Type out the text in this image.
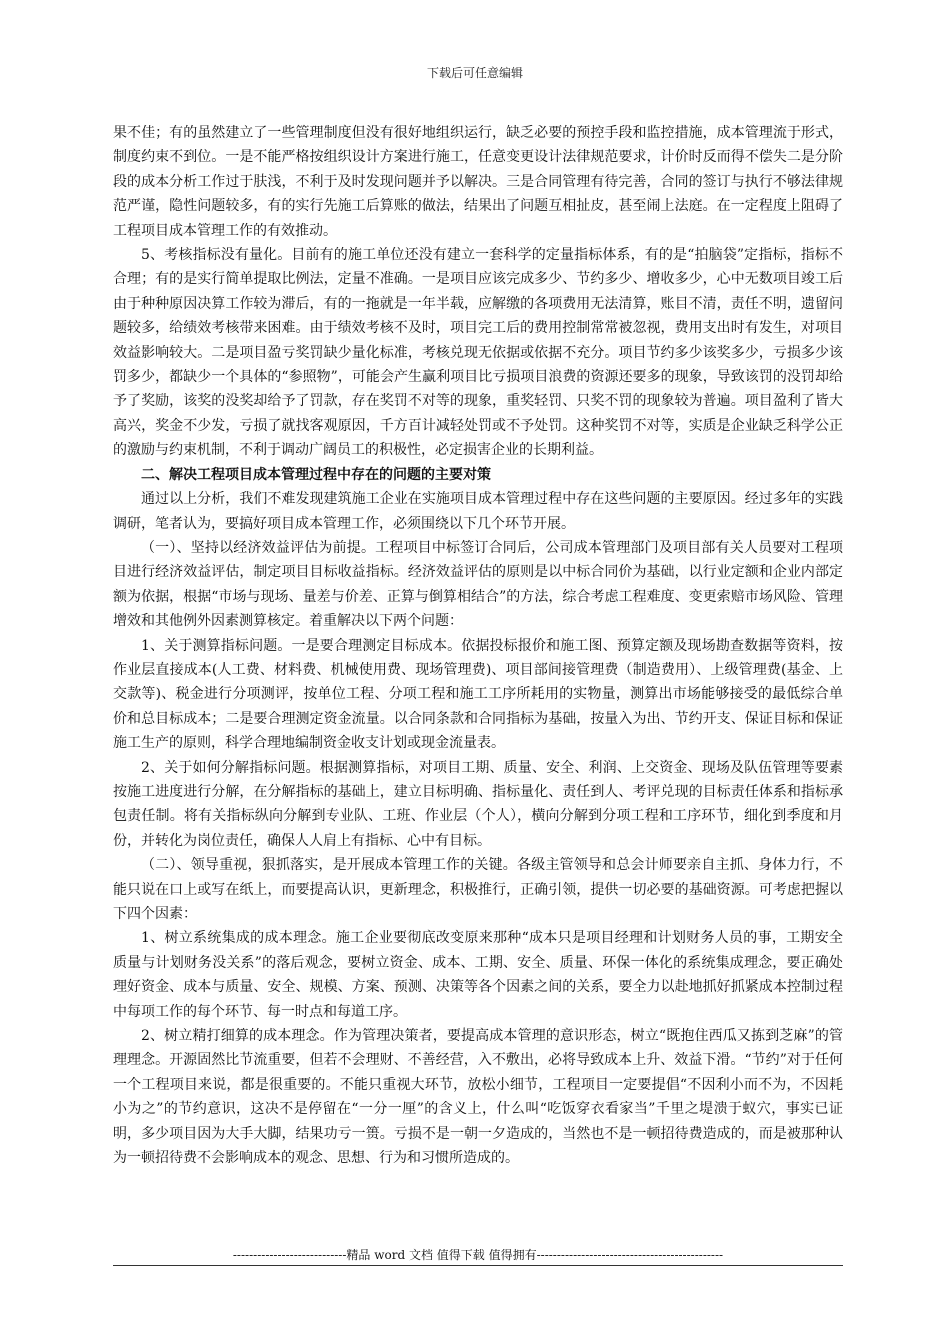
下载后可任意编辑

果不佳；有的虽然建立了一些管理制度但没有很好地组织运行，缺乏必要的预控手段和监控措施，成本管理流于形式，制度约束不到位。一是不能严格按组织设计方案进行施工，任意变更设计法律规范要求，计价时反而得不偿失二是分阶段的成本分析工作过于肤浅，不利于及时发现问题并予以解决。三是合同管理有待完善，合同的签订与执行不够法律规范严谨，隐性问题较多，有的实行先施工后算账的做法，结果出了问题互相扯皮，甚至闹上法庭。在一定程度上阻碍了工程项目成本管理工作的有效推动。

5、考核指标没有量化。目前有的施工单位还没有建立一套科学的定量指标体系，有的是“拍脑袋”定指标，指标不合理；有的是实行简单提取比例法，定量不准确。一是项目应该完成多少、节约多少、增收多少，心中无数项目竣工后由于种种原因决算工作较为滞后，有的一拖就是一年半载，应解缴的各项费用无法清算，账目不清，责任不明，遗留问题较多，给绩效考核带来困难。由于绩效考核不及时，项目完工后的费用控制常常被忽视，费用支出时有发生，对项目效益影响较大。二是项目盈亏奖罚缺少量化标准，考核兑现无依据或依据不充分。项目节约多少该奖多少，亏损多少该罚多少，都缺少一个具体的“参照物”，可能会产生赢利项目比亏损项目浪费的资源还要多的现象，导致该罚的没罚却给予了奖励，该奖的没奖却给予了罚款，存在奖罚不对等的现象，重奖轻罚、只奖不罚的现象较为普遍。项目盈利了皆大高兴，奖金不少发，亏损了就找客观原因，千方百计减轻处罚或不予处罚。这种奖罚不对等，实质是企业缺乏科学公正的激励与约束机制，不利于调动广阔员工的积极性，必定损害企业的长期利益。

二、解决工程项目成本管理过程中存在的问题的主要对策

通过以上分析，我们不难发现建筑施工企业在实施项目成本管理过程中存在这些问题的主要原因。经过多年的实践调研，笔者认为，要搞好项目成本管理工作，必须围绕以下几个环节开展。

（一）、坚持以经济效益评估为前提。工程项目中标签订合同后，公司成本管理部门及项目部有关人员要对工程项目进行经济效益评估，制定项目目标收益指标。经济效益评估的原则是以中标合同价为基础，以行业定额和企业内部定额为依据，根据“市场与现场、量差与价差、正算与倒算相结合”的方法，综合考虑工程难度、变更索赔市场风险、管理增效和其他例外因素测算核定。着重解决以下两个问题：

1、关于测算指标问题。一是要合理测定目标成本。依据投标报价和施工图、预算定额及现场勘查数据等资料，按作业层直接成本(人工费、材料费、机械使用费、现场管理费)、项目部间接管理费（制造费用）、上级管理费(基金、上交款等)、税金进行分项测评，按单位工程、分项工程和施工工序所耗用的实物量，测算出市场能够接受的最低综合单价和总目标成本；二是要合理测定资金流量。以合同条款和合同指标为基础，按量入为出、节约开支、保证目标和保证施工生产的原则，科学合理地编制资金收支计划或现金流量表。

2、关于如何分解指标问题。根据测算指标，对项目工期、质量、安全、利润、上交资金、现场及队伍管理等要素按施工进度进行分解，在分解指标的基础上，建立目标明确、指标量化、责任到人、考评兑现的目标责任体系和指标承包责任制。将有关指标纵向分解到专业队、工班、作业层（个人），横向分解到分项工程和工序环节，细化到季度和月份，并转化为岗位责任，确保人人肩上有指标、心中有目标。

（二）、领导重视，狠抓落实，是开展成本管理工作的关键。各级主管领导和总会计师要亲自主抓、身体力行，不能只说在口上或写在纸上，而要提高认识，更新理念，积极推行，正确引领，提供一切必要的基础资源。可考虑把握以下四个因素：

1、树立系统集成的成本理念。施工企业要彻底改变原来那种“成本只是项目经理和计划财务人员的事，工期安全质量与计划财务没关系”的落后观念，要树立资金、成本、工期、安全、质量、环保一体化的系统集成理念，要正确处理好资金、成本与质量、安全、规模、方案、预测、决策等各个因素之间的关系，要全力以赴地抓好抓紧成本控制过程中每项工作的每个环节、每一时点和每道工序。

2、树立精打细算的成本理念。作为管理决策者，要提高成本管理的意识形态，树立“既抱住西瓜又拣到芝麻”的管理理念。开源固然比节流重要，但若不会理财、不善经营，入不敷出，必将导致成本上升、效益下滑。“节约”对于任何一个工程项目来说，都是很重要的。不能只重视大环节，放松小细节，工程项目一定要提倡“不因利小而不为，不因耗小为之”的节约意识，这决不是停留在“一分一厘”的含义上，什么叫“吃饭穿衣看家当”千里之堤溃于蚁穴，事实已证明，多少项目因为大手大脚，结果功亏一篑。亏损不是一朝一夕造成的，当然也不是一顿招待费造成的，而是被那种认为一顿招待费不会影响成本的观念、思想、行为和习惯所造成的。

----------------------------精品 word 文档 值得下载 值得拥有----------------------------------------------
